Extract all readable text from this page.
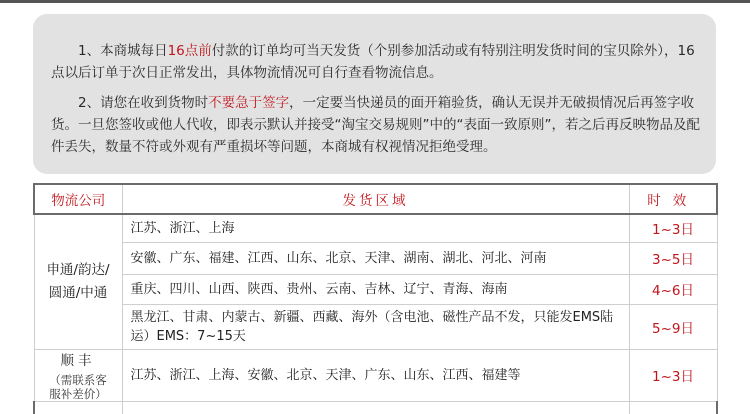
1、本商城每日16点前付款的订单均可当天发货（个别参加活动或有特别注明发货时间的宝贝除外），16点以后订单于次日正常发出，具体物流情况可自行查看物流信息。

2、请您在收到货物时不要急于签字，一定要当快递员的面开箱验货，确认无误并无破损情况后再签字收货。一旦您签收或他人代收，即表示默认并接受“淘宝交易规则”中的“表面一致原则”，若之后再反映物品及配件丢失，数量不符或外观有严重损坏等问题，本商城有权视情况拒绝受理。

物流公司	发货区域	时效

申通/韵达/
圆通/中通	江苏、浙江、上海	1~3日
	安徽、广东、福建、江西、山东、北京、天津、湖南、湖北、河北、河南	3~5日
	重庆、四川、山西、陕西、贵州、云南、吉林、辽宁、青海、海南	4~6日
	黑龙江、甘肃、内蒙古、新疆、西藏、海外（含电池、磁性产品不发，只能发EMS陆运）EMS：7~15天	5~9日

顺丰
（需联系客
服补差价）	江苏、浙江、上海、安徽、北京、天津、广东、山东、江西、福建等	1~3日
